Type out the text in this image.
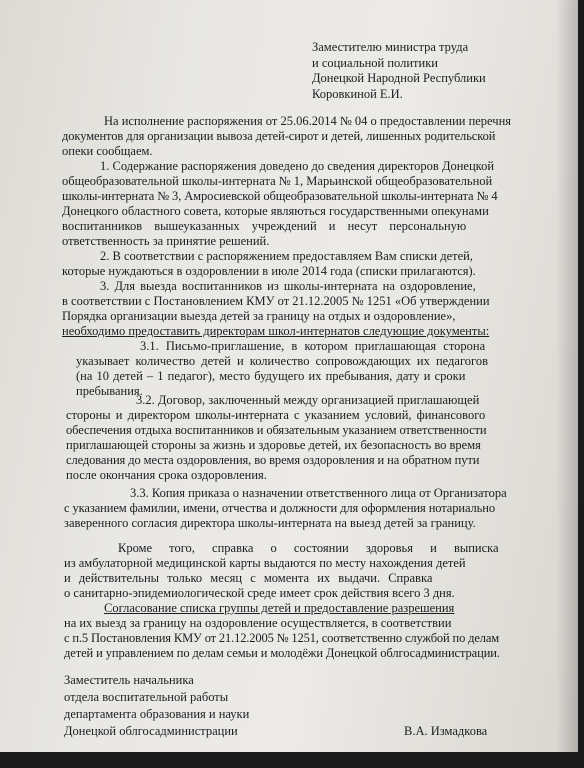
Заместителю министра труда
и социальной политики
Донецкой Народной Республики
Коровкиной Е.И.
На исполнение распоряжения от 25.06.2014 № 04 о предоставлении перечня
документов для организации вывоза детей-сирот и детей, лишенных родительской
опеки сообщаем.
1. Содержание распоряжения доведено до сведения директоров Донецкой
общеобразовательной школы-интерната № 1, Марьинской общеобразовательной
школы-интерната № 3, Амросиевской общеобразовательной школы-интерната № 4
Донецкого областного совета, которые являються государственными опекунами
воспитанников вышеуказанных учреждений и несут персональную
ответственность за принятие решений.
2. В соответствии с распоряжением предоставляем Вам списки детей,
которые нуждаються в оздоровлении в июле 2014 года (списки прилагаются).
3. Для выезда воспитанников из школы-интерната на оздоровление,
в соответствии с Постановлением КМУ от 21.12.2005 № 1251 «Об утверждении
Порядка организации выезда детей за границу на отдых и оздоровление»,
необходимо предоставить директорам школ-интернатов следующие документы:
3.1. Письмо-приглашение, в котором приглашающая сторона
указывает количество детей и количество сопровождающих их педагогов
(на 10 детей – 1 педагог), место будущего их пребывания, дату и сроки
пребывания.
3.2. Договор, заключенный между организацией приглашающей
стороны и директором школы-интерната с указанием условий, финансового
обеспечения отдыха воспитанников и обязательным указанием ответственности
приглашающей стороны за жизнь и здоровье детей, их безопасность во время
следования до места оздоровления, во время оздоровления и на обратном пути
после окончания срока оздоровления.
3.3. Копия приказа о назначении ответственного лица от Организатора
с указанием фамилии, имени, отчества и должности для оформления нотариально
заверенного согласия директора школы-интерната на выезд детей за границу.
Кроме того, справка о состоянии здоровья и выписка
из амбулаторной медицинской карты выдаются по месту нахождения детей
и действительны только месяц с момента их выдачи. Справка
о санитарно-эпидемиологической среде имеет срок действия всего 3 дня.
Согласование списка группы детей и предоставление разрешения
на их выезд за границу на оздоровление осуществляется, в соответствии
с п.5 Постановления КМУ от 21.12.2005 № 1251, соответственно службой по делам
детей и управлением по делам семьи и молодёжи Донецкой облгосадминистрации.
Заместитель начальника
отдела воспитательной работы
департамента образования и науки
Донецкой облгосадминистрации	В.А. Измадкова
